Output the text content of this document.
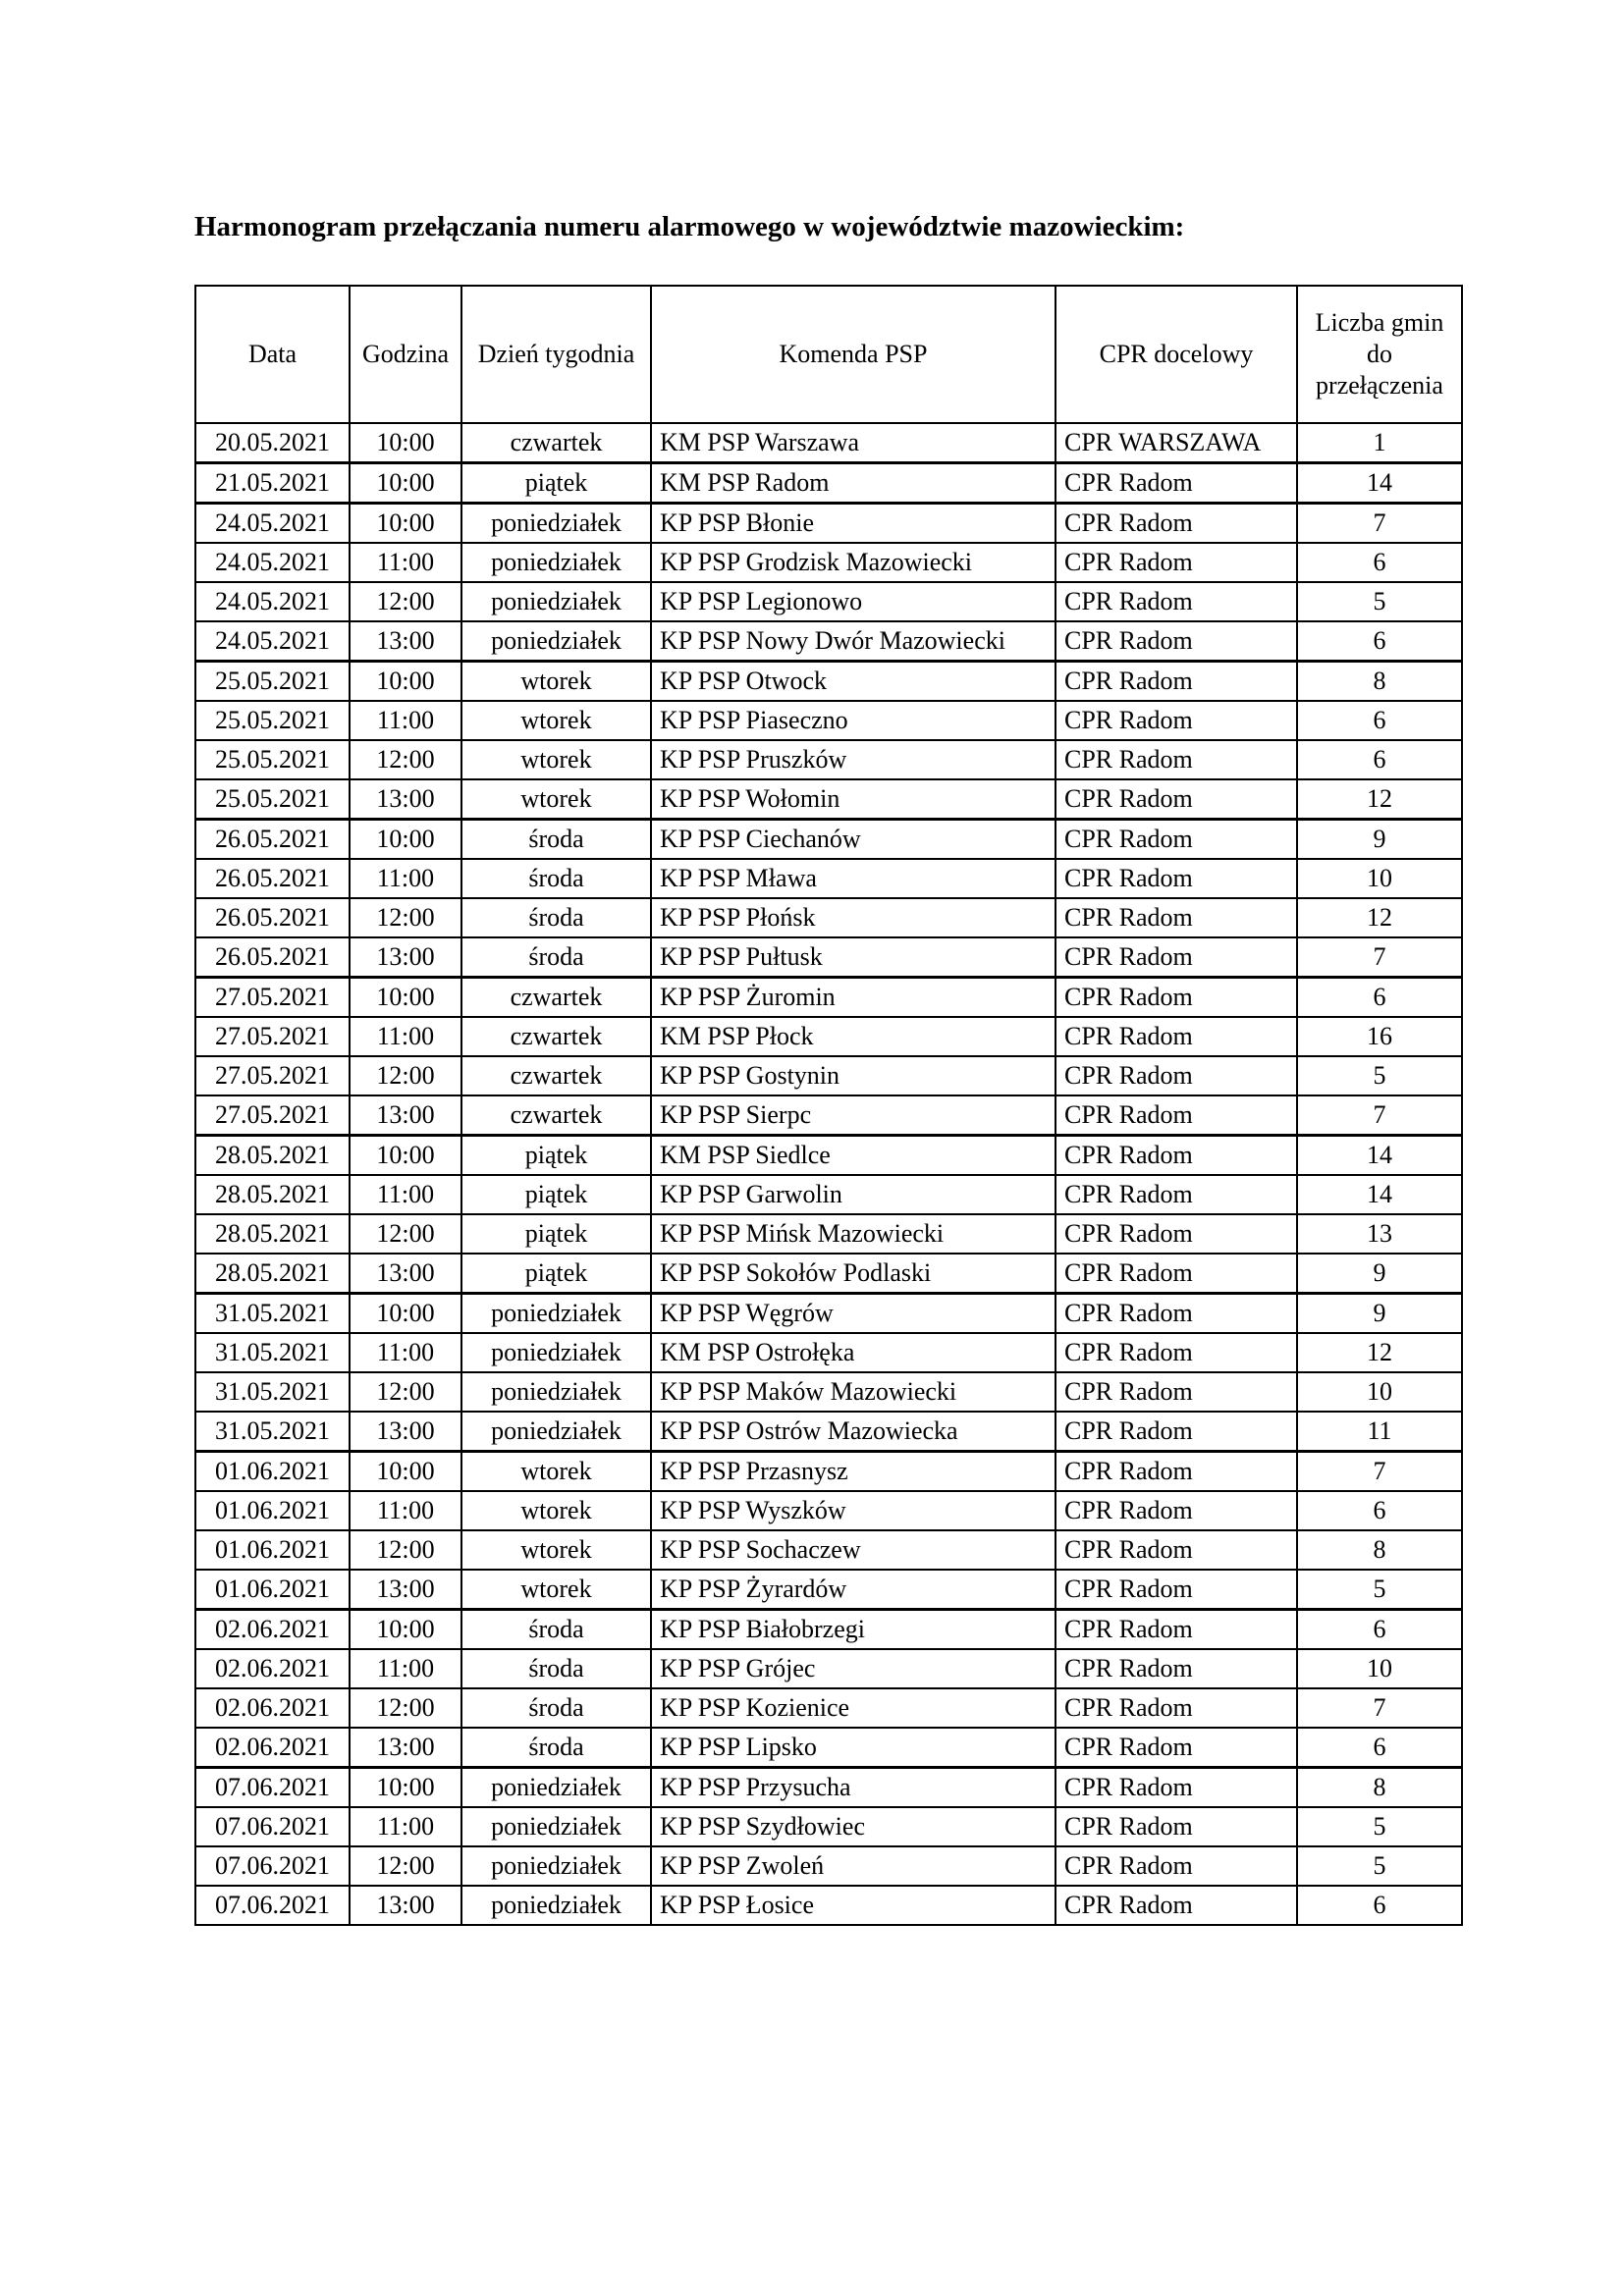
Harmonogram przełączania numeru alarmowego w województwie mazowieckim:
Data	Godzina	Dzień tygodnia	Komenda PSP	CPR docelowy	Liczba gmin do przełączenia
20.05.2021	10:00	czwartek	KM PSP Warszawa	CPR WARSZAWA	1
21.05.2021	10:00	piątek	KM PSP Radom	CPR Radom	14
24.05.2021	10:00	poniedziałek	KP PSP Błonie	CPR Radom	7
24.05.2021	11:00	poniedziałek	KP PSP Grodzisk Mazowiecki	CPR Radom	6
24.05.2021	12:00	poniedziałek	KP PSP Legionowo	CPR Radom	5
24.05.2021	13:00	poniedziałek	KP PSP Nowy Dwór Mazowiecki	CPR Radom	6
25.05.2021	10:00	wtorek	KP PSP Otwock	CPR Radom	8
25.05.2021	11:00	wtorek	KP PSP Piaseczno	CPR Radom	6
25.05.2021	12:00	wtorek	KP PSP Pruszków	CPR Radom	6
25.05.2021	13:00	wtorek	KP PSP Wołomin	CPR Radom	12
26.05.2021	10:00	środa	KP PSP Ciechanów	CPR Radom	9
26.05.2021	11:00	środa	KP PSP Mława	CPR Radom	10
26.05.2021	12:00	środa	KP PSP Płońsk	CPR Radom	12
26.05.2021	13:00	środa	KP PSP Pułtusk	CPR Radom	7
27.05.2021	10:00	czwartek	KP PSP Żuromin	CPR Radom	6
27.05.2021	11:00	czwartek	KM PSP Płock	CPR Radom	16
27.05.2021	12:00	czwartek	KP PSP Gostynin	CPR Radom	5
27.05.2021	13:00	czwartek	KP PSP Sierpc	CPR Radom	7
28.05.2021	10:00	piątek	KM PSP Siedlce	CPR Radom	14
28.05.2021	11:00	piątek	KP PSP Garwolin	CPR Radom	14
28.05.2021	12:00	piątek	KP PSP Mińsk Mazowiecki	CPR Radom	13
28.05.2021	13:00	piątek	KP PSP Sokołów Podlaski	CPR Radom	9
31.05.2021	10:00	poniedziałek	KP PSP Węgrów	CPR Radom	9
31.05.2021	11:00	poniedziałek	KM PSP Ostrołęka	CPR Radom	12
31.05.2021	12:00	poniedziałek	KP PSP Maków Mazowiecki	CPR Radom	10
31.05.2021	13:00	poniedziałek	KP PSP Ostrów Mazowiecka	CPR Radom	11
01.06.2021	10:00	wtorek	KP PSP Przasnysz	CPR Radom	7
01.06.2021	11:00	wtorek	KP PSP Wyszków	CPR Radom	6
01.06.2021	12:00	wtorek	KP PSP Sochaczew	CPR Radom	8
01.06.2021	13:00	wtorek	KP PSP Żyrardów	CPR Radom	5
02.06.2021	10:00	środa	KP PSP Białobrzegi	CPR Radom	6
02.06.2021	11:00	środa	KP PSP Grójec	CPR Radom	10
02.06.2021	12:00	środa	KP PSP Kozienice	CPR Radom	7
02.06.2021	13:00	środa	KP PSP Lipsko	CPR Radom	6
07.06.2021	10:00	poniedziałek	KP PSP Przysucha	CPR Radom	8
07.06.2021	11:00	poniedziałek	KP PSP Szydłowiec	CPR Radom	5
07.06.2021	12:00	poniedziałek	KP PSP Zwoleń	CPR Radom	5
07.06.2021	13:00	poniedziałek	KP PSP Łosice	CPR Radom	6
